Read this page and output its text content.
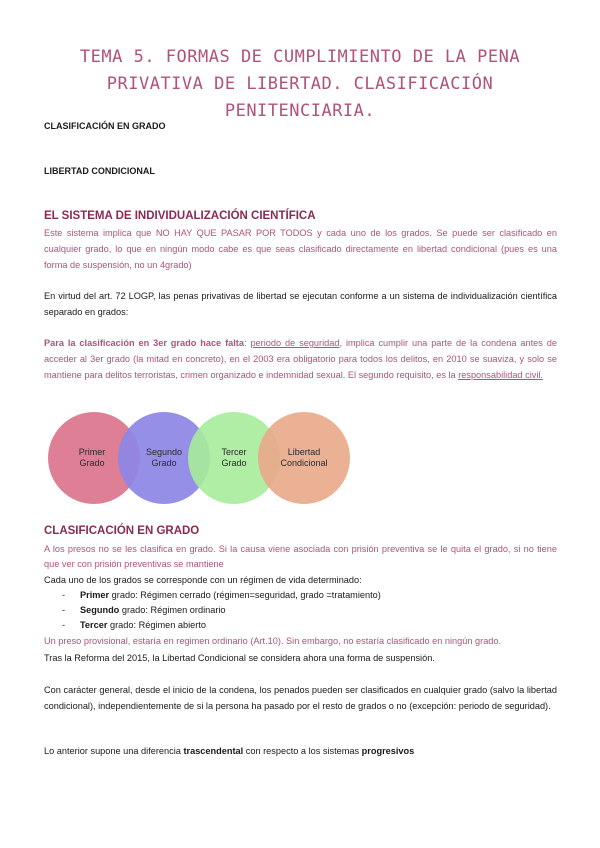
TEMA 5. FORMAS DE CUMPLIMIENTO DE LA PENA PRIVATIVA DE LIBERTAD. CLASIFICACIÓN PENITENCIARIA.
CLASIFICACIÓN EN GRADO
LIBERTAD CONDICIONAL
EL SISTEMA DE INDIVIDUALIZACIÓN CIENTÍFICA
Este sistema implica que NO HAY QUE PASAR POR TODOS y cada uno de los grados. Se puede ser clasificado en cualquier grado, lo que en ningún modo cabe es que seas clasificado directamente en libertad condicional (pues es una forma de suspensión, no un 4grado)
En virtud del art. 72 LOGP, las penas privativas de libertad se ejecutan conforme a un sistema de individualización científica separado en grados:
Para la clasificación en 3er grado hace falta: periodo de seguridad, implica cumplir una parte de la condena antes de acceder al 3er grado (la mitad en concreto), en el 2003 era obligatorio para todos los delitos, en 2010 se suaviza, y solo se mantiene para delitos terroristas, crimen organizado e indemnidad sexual. El segundo requisito, es la responsabilidad civil.
Primer
Grado
Segundo
Grado
Tercer
Grado
Libertad
Condicional
CLASIFICACIÓN EN GRADO
A los presos no se les clasifica en grado. Si la causa viene asociada con prisión preventiva se le quita el grado, si no tiene que ver con prisión preventivas se mantiene
Cada uno de los grados se corresponde con un régimen de vida determinado:
- Primer grado: Régimen cerrado (régimen=seguridad, grado =tratamiento)
- Segundo grado: Régimen ordinario
- Tercer grado: Régimen abierto
Un preso provisional, estaría en regimen ordinario (Art.10). Sin embargo, no estaría clasificado en ningún grado.
Tras la Reforma del 2015, la Libertad Condicional se considera ahora una forma de suspensión.
Con carácter general, desde el inicio de la condena, los penados pueden ser clasificados en cualquier grado (salvo la libertad condicional), independientemente de si la persona ha pasado por el resto de grados o no (excepción: periodo de seguridad).
Lo anterior supone una diferencia trascendental con respecto a los sistemas progresivos
